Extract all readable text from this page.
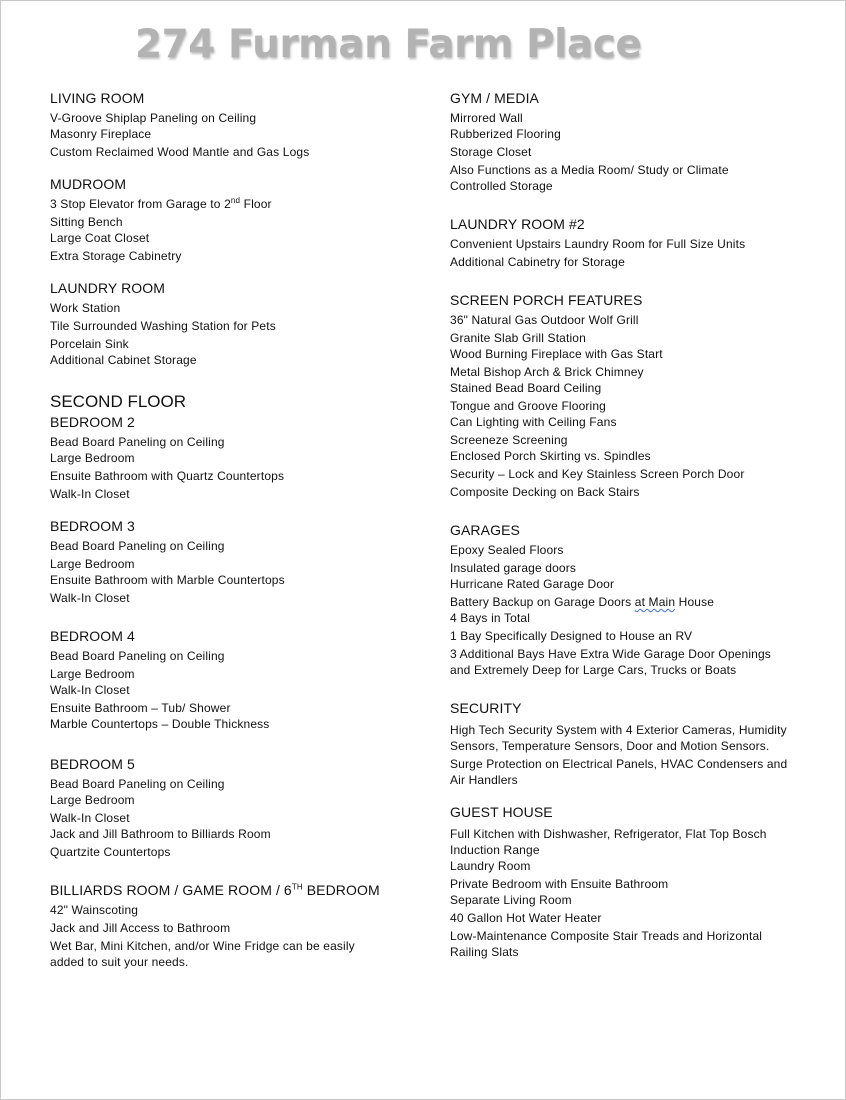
274 Furman Farm Place
LIVING ROOM

V-Groove Shiplap Paneling on Ceiling

Masonry Fireplace

Custom Reclaimed Wood Mantle and Gas Logs

MUDROOM

3 Stop Elevator from Garage to 2nd Floor

Sitting Bench

Large Coat Closet

Extra Storage Cabinetry

LAUNDRY ROOM

Work Station

Tile Surrounded Washing Station for Pets

Porcelain Sink

Additional Cabinet Storage

SECOND FLOOR
BEDROOM 2

Bead Board Paneling on Ceiling

Large Bedroom

Ensuite Bathroom with Quartz Countertops

Walk-In Closet

BEDROOM 3

Bead Board Paneling on Ceiling

Large Bedroom

Ensuite Bathroom with Marble Countertops

Walk-In Closet

BEDROOM 4

Bead Board Paneling on Ceiling

Large Bedroom

Walk-In Closet

Ensuite Bathroom – Tub/ Shower

Marble Countertops – Double Thickness

BEDROOM 5

Bead Board Paneling on Ceiling

Large Bedroom

Walk-In Closet

Jack and Jill Bathroom to Billiards Room

Quartzite Countertops

BILLIARDS ROOM / GAME ROOM / 6TH BEDROOM

42" Wainscoting

Jack and Jill Access to Bathroom

Wet Bar, Mini Kitchen, and/or Wine Fridge can be easily

added to suit your needs.

GYM / MEDIA

Mirrored Wall

Rubberized Flooring

Storage Closet

Also Functions as a Media Room/ Study or Climate

Controlled Storage

LAUNDRY ROOM #2

Convenient Upstairs Laundry Room for Full Size Units

Additional Cabinetry for Storage

SCREEN PORCH FEATURES

36" Natural Gas Outdoor Wolf Grill

Granite Slab Grill Station

Wood Burning Fireplace with Gas Start

Metal Bishop Arch & Brick Chimney

Stained Bead Board Ceiling

Tongue and Groove Flooring

Can Lighting with Ceiling Fans

Screeneze Screening

Enclosed Porch Skirting vs. Spindles

Security – Lock and Key Stainless Screen Porch Door

Composite Decking on Back Stairs

GARAGES

Epoxy Sealed Floors

Insulated garage doors

Hurricane Rated Garage Door

Battery Backup on Garage Doors at Main House

4 Bays in Total

1 Bay Specifically Designed to House an RV

3 Additional Bays Have Extra Wide Garage Door Openings

and Extremely Deep for Large Cars, Trucks or Boats

SECURITY

High Tech Security System with 4 Exterior Cameras, Humidity

Sensors, Temperature Sensors, Door and Motion Sensors.

Surge Protection on Electrical Panels, HVAC Condensers and

Air Handlers

GUEST HOUSE

Full Kitchen with Dishwasher, Refrigerator, Flat Top Bosch

Induction Range

Laundry Room

Private Bedroom with Ensuite Bathroom

Separate Living Room

40 Gallon Hot Water Heater

Low-Maintenance Composite Stair Treads and Horizontal

Railing Slats
